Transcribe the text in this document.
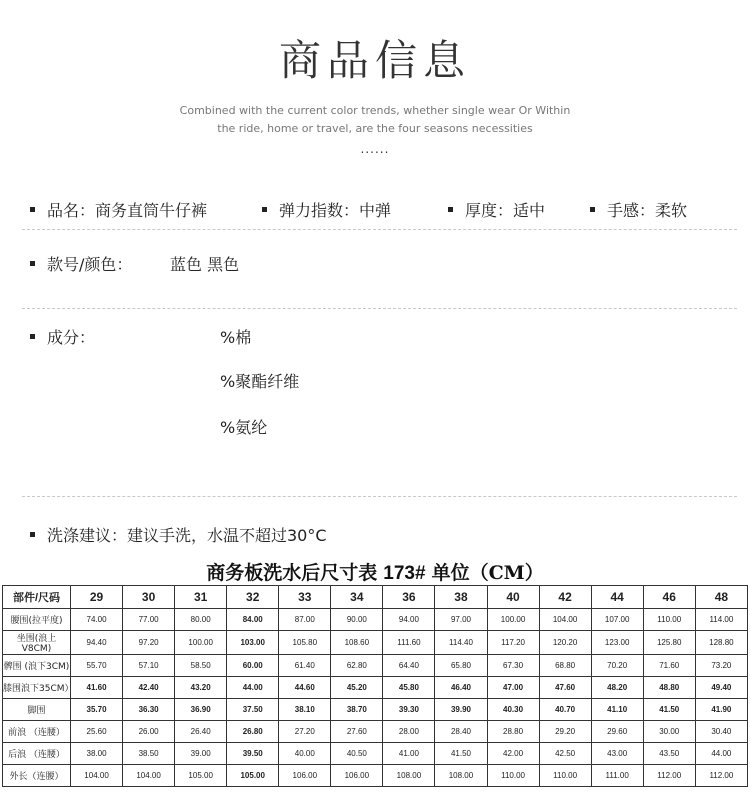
商品信息
Combined with the current color trends, whether single wear Or Within
the ride, home or travel, are the four seasons necessities
......
品名：商务直筒牛仔裤	弹力指数：中弹	厚度：适中	手感：柔软
款号/颜色： 蓝色 黑色
成分：	%棉
%聚酯纤维
%氨纶
洗涤建议：建议手洗，水温不超过30°C
商务板洗水后尺寸表 173# 单位（CM）
部件/尺码	29	30	31	32	33	34	36	38	40	42	44	46	48
腰围(拉平度)	74.00	77.00	80.00	84.00	87.00	90.00	94.00	97.00	100.00	104.00	107.00	110.00	114.00
坐围(浪上V8CM)	94.40	97.20	100.00	103.00	105.80	108.60	111.60	114.40	117.20	120.20	123.00	125.80	128.80
髀围 (浪下3CM)	55.70	57.10	58.50	60.00	61.40	62.80	64.40	65.80	67.30	68.80	70.20	71.60	73.20
膝围浪下35CM）	41.60	42.40	43.20	44.00	44.60	45.20	45.80	46.40	47.00	47.60	48.20	48.80	49.40
脚围	35.70	36.30	36.90	37.50	38.10	38.70	39.30	39.90	40.30	40.70	41.10	41.50	41.90
前浪 （连腰）	25.60	26.00	26.40	26.80	27.20	27.60	28.00	28.40	28.80	29.20	29.60	30.00	30.40
后浪 （连腰）	38.00	38.50	39.00	39.50	40.00	40.50	41.00	41.50	42.00	42.50	43.00	43.50	44.00
外长（连腰）	104.00	104.00	105.00	105.00	106.00	106.00	108.00	108.00	110.00	110.00	111.00	112.00	112.00
